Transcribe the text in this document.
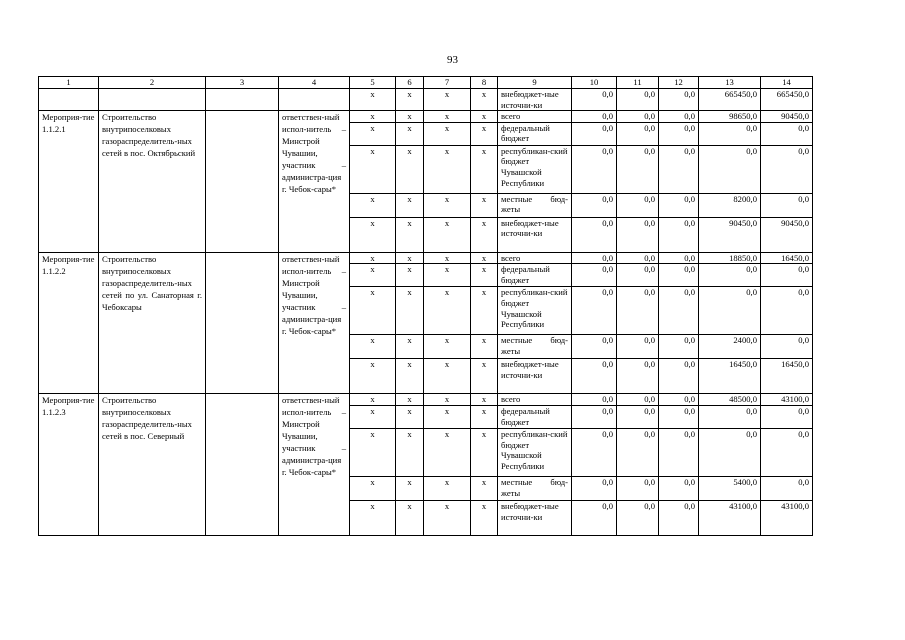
93
1	2	3	4	5	6	7	8	9	10	11	12	13	14
				x	x	x	x	внебюджет-ные источни-ки	0,0	0,0	0,0	665450,0	665450,0
Мероприя-тие 1.1.2.1	Строительство внутрипоселковых газораспределитель-ных сетей в пос. Октябрьский		ответствен-ный испол-нитель – Минстрой Чувашии, участник – администра-ция г. Чебок-сары*	x	x	x	x	всего	0,0	0,0	0,0	98650,0	90450,0
				x	x	x	x	федеральный бюджет	0,0	0,0	0,0	0,0	0,0
				x	x	x	x	республикан-ский бюджет Чувашской Республики	0,0	0,0	0,0	0,0	0,0
				x	x	x	x	местные бюд-жеты	0,0	0,0	0,0	8200,0	0,0
				x	x	x	x	внебюджет-ные источни-ки	0,0	0,0	0,0	90450,0	90450,0
Мероприя-тие 1.1.2.2	Строительство внутрипоселковых газораспределитель-ных сетей по ул. Санаторная г. Чебоксары		ответствен-ный испол-нитель – Минстрой Чувашии, участник – администра-ция г. Чебок-сары*	x	x	x	x	всего	0,0	0,0	0,0	18850,0	16450,0
				x	x	x	x	федеральный бюджет	0,0	0,0	0,0	0,0	0,0
				x	x	x	x	республикан-ский бюджет Чувашской Республики	0,0	0,0	0,0	0,0	0,0
				x	x	x	x	местные бюд-жеты	0,0	0,0	0,0	2400,0	0,0
				x	x	x	x	внебюджет-ные источни-ки	0,0	0,0	0,0	16450,0	16450,0
Мероприя-тие 1.1.2.3	Строительство внутрипоселковых газораспределитель-ных сетей в пос. Северный		ответствен-ный испол-нитель – Минстрой Чувашии, участник – администра-ция г. Чебок-сары*	x	x	x	x	всего	0,0	0,0	0,0	48500,0	43100,0
				x	x	x	x	федеральный бюджет	0,0	0,0	0,0	0,0	0,0
				x	x	x	x	республикан-ский бюджет Чувашской Республики	0,0	0,0	0,0	0,0	0,0
				x	x	x	x	местные бюд-жеты	0,0	0,0	0,0	5400,0	0,0
				x	x	x	x	внебюджет-ные источни-ки	0,0	0,0	0,0	43100,0	43100,0
